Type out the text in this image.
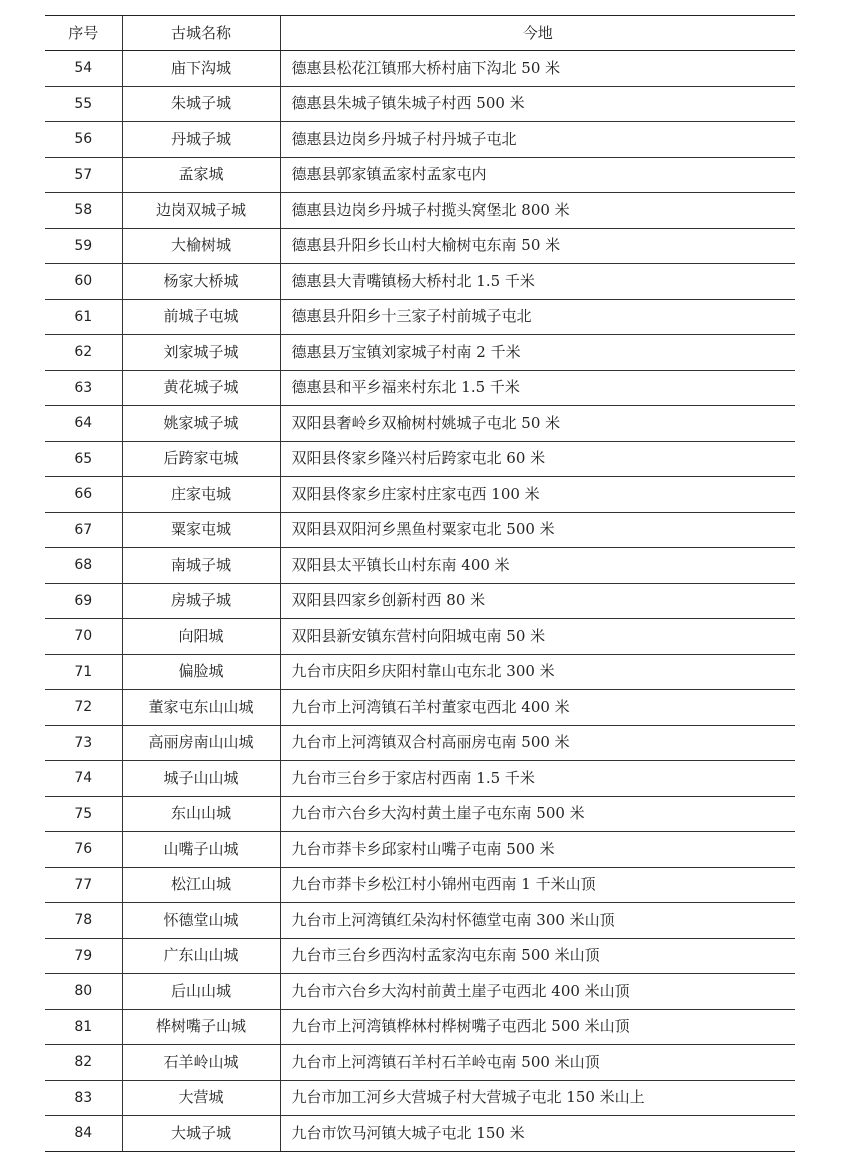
序号	古城名称	今地
54	庙下沟城	德惠县松花江镇邢大桥村庙下沟北 50 米
55	朱城子城	德惠县朱城子镇朱城子村西 500 米
56	丹城子城	德惠县边岗乡丹城子村丹城子屯北
57	孟家城	德惠县郭家镇孟家村孟家屯内
58	边岗双城子城	德惠县边岗乡丹城子村揽头窝堡北 800 米
59	大榆树城	德惠县升阳乡长山村大榆树屯东南 50 米
60	杨家大桥城	德惠县大青嘴镇杨大桥村北 1.5 千米
61	前城子屯城	德惠县升阳乡十三家子村前城子屯北
62	刘家城子城	德惠县万宝镇刘家城子村南 2 千米
63	黄花城子城	德惠县和平乡福来村东北 1.5 千米
64	姚家城子城	双阳县奢岭乡双榆树村姚城子屯北 50 米
65	后跨家屯城	双阳县佟家乡隆兴村后跨家屯北 60 米
66	庄家屯城	双阳县佟家乡庄家村庄家屯西 100 米
67	粟家屯城	双阳县双阳河乡黑鱼村粟家屯北 500 米
68	南城子城	双阳县太平镇长山村东南 400 米
69	房城子城	双阳县四家乡创新村西 80 米
70	向阳城	双阳县新安镇东营村向阳城屯南 50 米
71	偏脸城	九台市庆阳乡庆阳村靠山屯东北 300 米
72	董家屯东山山城	九台市上河湾镇石羊村董家屯西北 400 米
73	高丽房南山山城	九台市上河湾镇双合村高丽房屯南 500 米
74	城子山山城	九台市三台乡于家店村西南 1.5 千米
75	东山山城	九台市六台乡大沟村黄土崖子屯东南 500 米
76	山嘴子山城	九台市莽卡乡邱家村山嘴子屯南 500 米
77	松江山城	九台市莽卡乡松江村小锦州屯西南 1 千米山顶
78	怀德堂山城	九台市上河湾镇红朵沟村怀德堂屯南 300 米山顶
79	广东山山城	九台市三台乡西沟村孟家沟屯东南 500 米山顶
80	后山山城	九台市六台乡大沟村前黄土崖子屯西北 400 米山顶
81	桦树嘴子山城	九台市上河湾镇桦林村桦树嘴子屯西北 500 米山顶
82	石羊岭山城	九台市上河湾镇石羊村石羊岭屯南 500 米山顶
83	大营城	九台市加工河乡大营城子村大营城子屯北 150 米山上
84	大城子城	九台市饮马河镇大城子屯北 150 米
